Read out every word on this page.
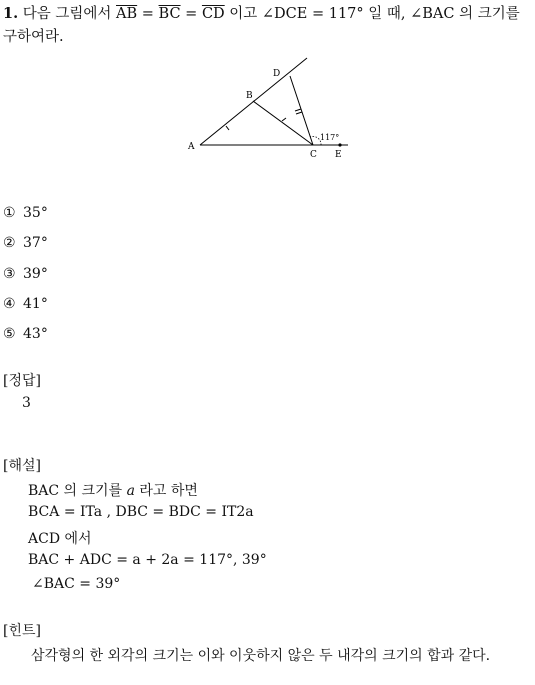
1. 다음 그림에서 $\overline{AB} = \overline{BC} = \overline{CD}$ 이고 ∠DCE = 117° 일 때, ∠BAC 의 크기를 구하여라.
A
B
C
D
E
117°
① 35°
② 37°
③ 39°
④ 41°
⑤ 43°
[정답]
3
[해설]
BAC 의 크기를 a 라고 하면
BCA = ITa , DBC = BDC = IT2a
ACD 에서
BAC + ADC = a + 2a = 117°, 39°
∠BAC = 39°
[힌트]
삼각형의 한 외각의 크기는 이와 이웃하지 않은 두 내각의 크기의 합과 같다.
